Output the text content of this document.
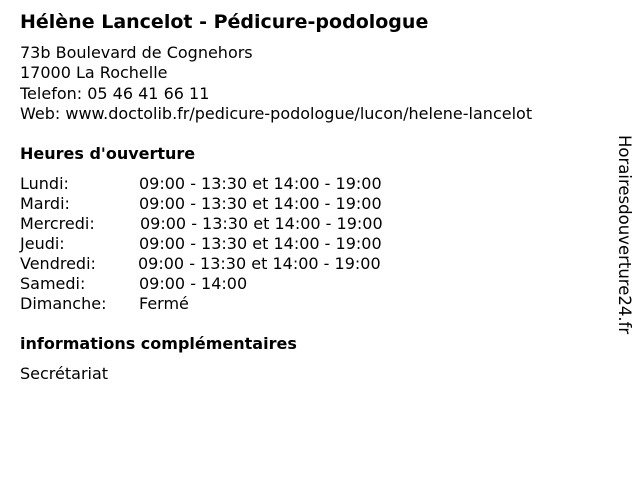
Hélène Lancelot - Pédicure-podologue
73b Boulevard de Cognehors
17000 La Rochelle
Telefon: 05 46 41 66 11
Web: www.doctolib.fr/pedicure-podologue/lucon/helene-lancelot
Heures d'ouverture
Lundi:	09:00 - 13:30 et 14:00 - 19:00
Mardi:	09:00 - 13:30 et 14:00 - 19:00
Mercredi:	09:00 - 13:30 et 14:00 - 19:00
Jeudi:	09:00 - 13:30 et 14:00 - 19:00
Vendredi:	09:00 - 13:30 et 14:00 - 19:00
Samedi:	09:00 - 14:00
Dimanche: Fermé
informations complémentaires
Secrétariat
Horairesdouverture24.fr
